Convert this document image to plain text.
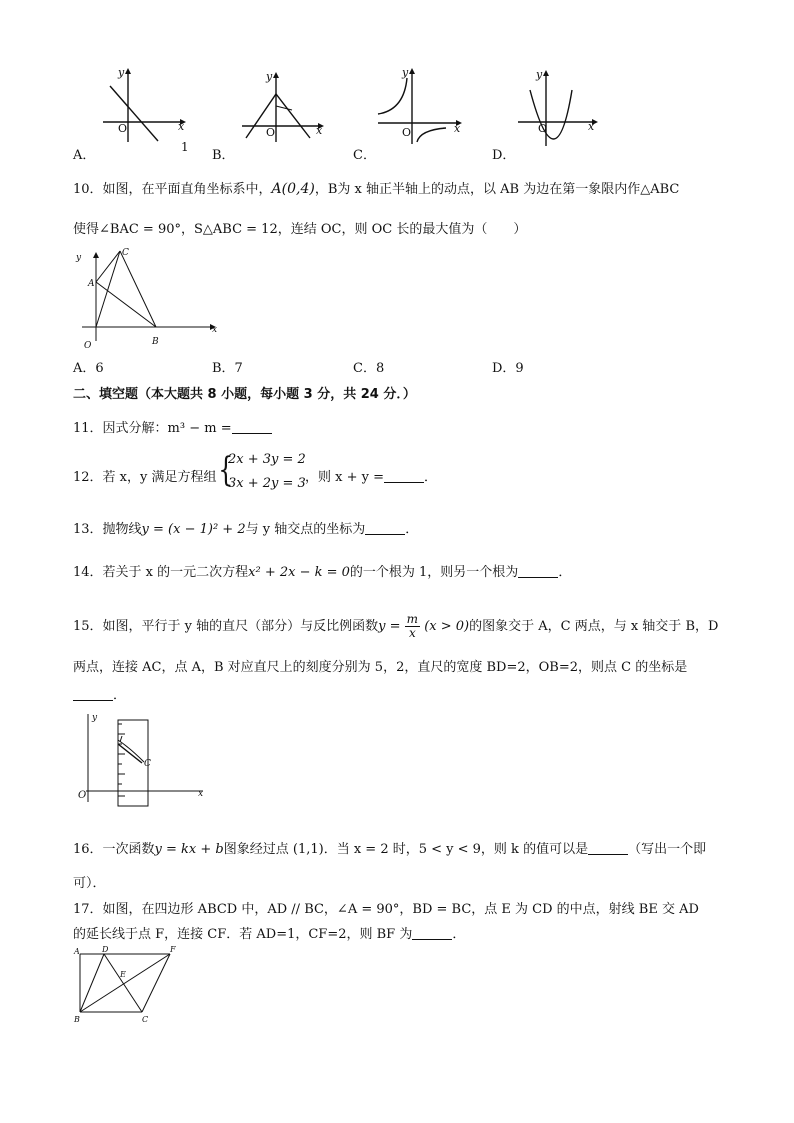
y
x
O
y
x
O
y
x
O
y
x
O
A．
1
B．	C．	D．
10．如图，在平面直角坐标系中，A(0,4)，B为 x 轴正半轴上的动点，以 AB 为边在第一象限内作△ABC
使得∠BAC = 90°，S△ABC = 12，连结 OC，则 OC 长的最大值为（　　）
y
x
C
A
O	B
A．6	B．7	C．8	D．9
二、填空题（本大题共 8 小题，每小题 3 分，共 24 分．）
11．因式分解：m³ − m =
12．若 x，y 满足方程组 {
2x + 3y = 2
3x + 2y = 3 ，则 x + y =	．
13．抛物线y = (x − 1)² + 2与 y 轴交点的坐标为	．
14．若关于 x 的一元二次方程x² + 2x − k = 0的一个根为 1，则另一个根为	．
15．如图，平行于 y 轴的直尺（部分）与反比例函数$y = \frac{m}{x} (x > 0)$的图象交于 A，C 两点，与 x 轴交于 B，D
两点，连接 AC，点 A，B 对应直尺上的刻度分别为 5，2，直尺的宽度 BD=2，OB=2，则点 C 的坐标是
．
y
C
O	x
16．一次函数y = kx + b图象经过点 (1,1)．当 x = 2 时，5 < y < 9，则 k 的值可以是	（写出一个即
可）．
17．如图，在四边形 ABCD 中，AD // BC，∠A = 90°，BD = BC，点 E 为 CD 的中点，射线 BE 交 AD
的延长线于点 F，连接 CF．若 AD=1，CF=2，则 BF 为	．
A	D	F
E
B	C
